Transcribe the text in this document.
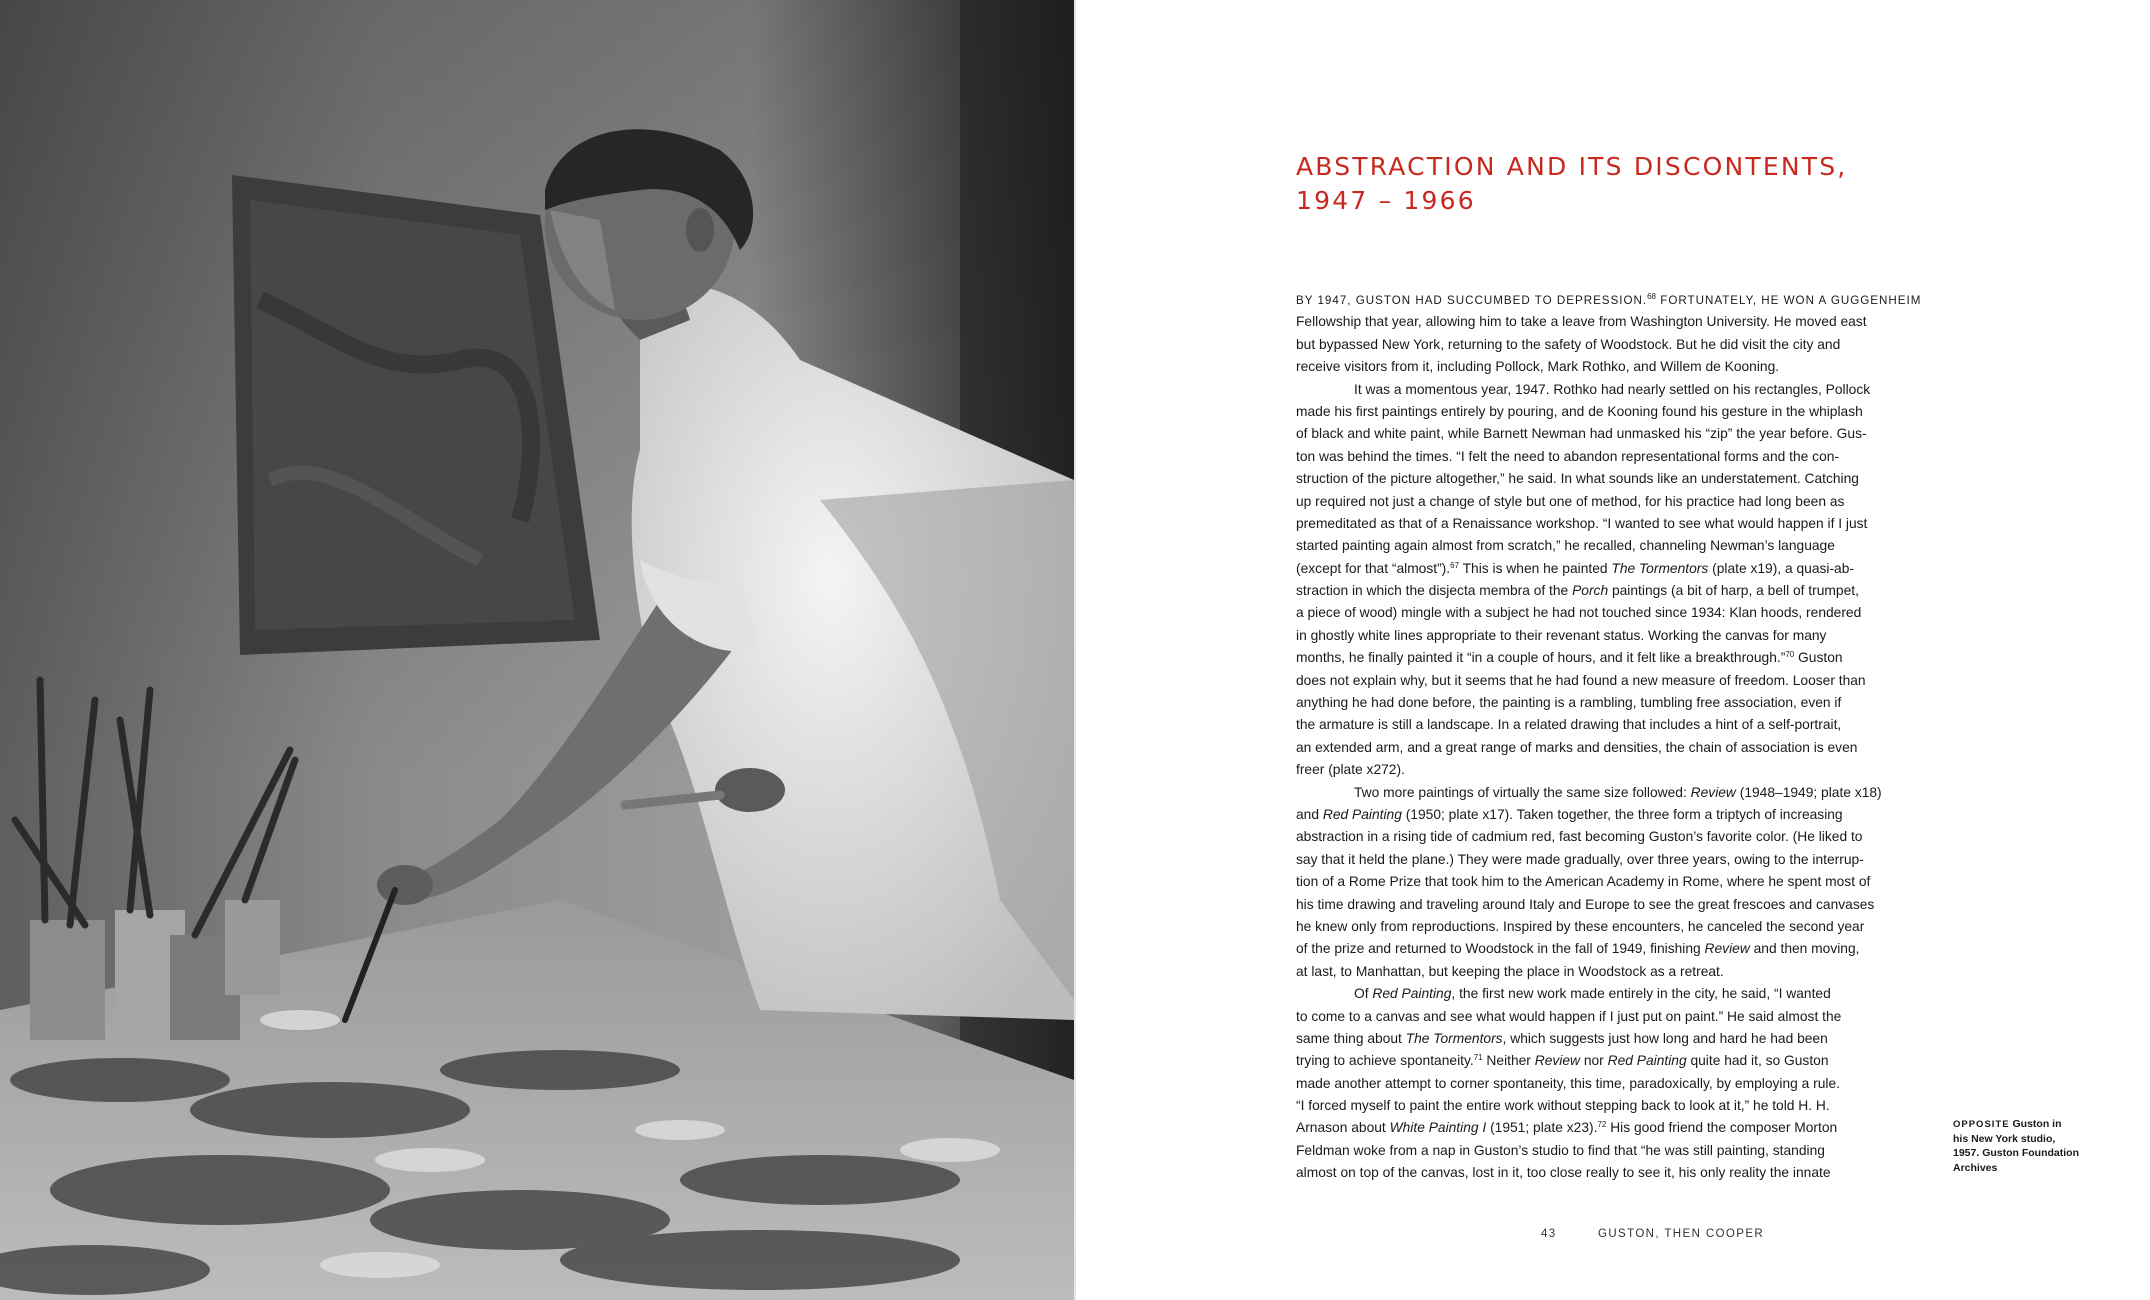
ABSTRACTION AND ITS DISCONTENTS,
1947 – 1966
BY 1947, GUSTON HAD SUCCUMBED TO DEPRESSION.$^{68}$ FORTUNATELY, HE WON A GUGGENHEIM
Fellowship that year, allowing him to take a leave from Washington University. He moved east
but bypassed New York, returning to the safety of Woodstock. But he did visit the city and
receive visitors from it, including Pollock, Mark Rothko, and Willem de Kooning.
It was a momentous year, 1947. Rothko had nearly settled on his rectangles, Pollock
made his first paintings entirely by pouring, and de Kooning found his gesture in the whiplash
of black and white paint, while Barnett Newman had unmasked his “zip” the year before. Gus-
ton was behind the times. “I felt the need to abandon representational forms and the con-
struction of the picture altogether,” he said. In what sounds like an understatement. Catching
up required not just a change of style but one of method, for his practice had long been as
premeditated as that of a Renaissance workshop. “I wanted to see what would happen if I just
started painting again almost from scratch,” he recalled, channeling Newman’s language
(except for that “almost”).$^{67}$ This is when he painted The Tormentors (plate x19), a quasi-ab-
straction in which the disjecta membra of the Porch paintings (a bit of harp, a bell of trumpet,
a piece of wood) mingle with a subject he had not touched since 1934: Klan hoods, rendered
in ghostly white lines appropriate to their revenant status. Working the canvas for many
months, he finally painted it “in a couple of hours, and it felt like a breakthrough.”$^{70}$ Guston
does not explain why, but it seems that he had found a new measure of freedom. Looser than
anything he had done before, the painting is a rambling, tumbling free association, even if
the armature is still a landscape. In a related drawing that includes a hint of a self-portrait,
an extended arm, and a great range of marks and densities, the chain of association is even
freer (plate x272).
Two more paintings of virtually the same size followed: Review (1948–1949; plate x18)
and Red Painting (1950; plate x17). Taken together, the three form a triptych of increasing
abstraction in a rising tide of cadmium red, fast becoming Guston’s favorite color. (He liked to
say that it held the plane.) They were made gradually, over three years, owing to the interrup-
tion of a Rome Prize that took him to the American Academy in Rome, where he spent most of
his time drawing and traveling around Italy and Europe to see the great frescoes and canvases
he knew only from reproductions. Inspired by these encounters, he canceled the second year
of the prize and returned to Woodstock in the fall of 1949, finishing Review and then moving,
at last, to Manhattan, but keeping the place in Woodstock as a retreat.
Of Red Painting, the first new work made entirely in the city, he said, “I wanted
to come to a canvas and see what would happen if I just put on paint.” He said almost the
same thing about The Tormentors, which suggests just how long and hard he had been
trying to achieve spontaneity.$^{71}$ Neither Review nor Red Painting quite had it, so Guston
made another attempt to corner spontaneity, this time, paradoxically, by employing a rule.
“I forced myself to paint the entire work without stepping back to look at it,” he told H. H.
Arnason about White Painting I (1951; plate x23).$^{72}$ His good friend the composer Morton
Feldman woke from a nap in Guston’s studio to find that “he was still painting, standing
almost on top of the canvas, lost in it, too close really to see it, his only reality the innate
OPPOSITE Guston in
his New York studio,
1957. Guston Foundation
Archives
43	GUSTON, THEN COOPER
